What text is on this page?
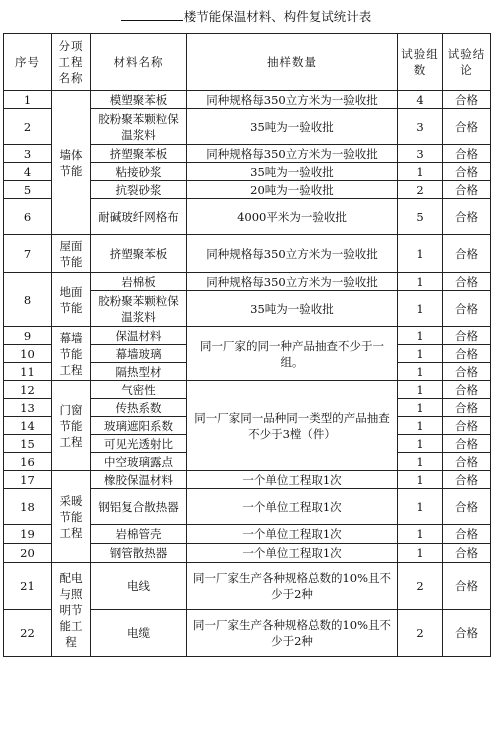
楼节能保温材料、构件复试统计表
序号	分项工程名称	材料名称	抽样数量	试验组数	试验结论
1	墙体节能	模塑聚苯板	同种规格每350立方米为一验收批	4	合格
2		胶粉聚苯颗粒保温浆料	35吨为一验收批	3	合格
3		挤塑聚苯板	同种规格每350立方米为一验收批	3	合格
4		粘接砂浆	35吨为一验收批	1	合格
5		抗裂砂浆	20吨为一验收批	2	合格
6		耐碱玻纤网格布	4000平米为一验收批	5	合格
7	屋面节能	挤塑聚苯板	同种规格每350立方米为一验收批	1	合格
8	地面节能	岩棉板	同种规格每350立方米为一验收批	1	合格
		胶粉聚苯颗粒保温浆料	35吨为一验收批	1	合格
9	幕墙节能工程	保温材料	同一厂家的同一种产品抽查不少于一组。	1	合格
10		幕墙玻璃		1	合格
11		隔热型材		1	合格
12	门窗节能工程	气密性	同一厂家同一品种同一类型的产品抽查不少于3樘（件）	1	合格
13		传热系数		1	合格
14		玻璃遮阳系数		1	合格
15		可见光透射比		1	合格
16		中空玻璃露点		1	合格
17	采暖节能工程	橡胶保温材料	一个单位工程取1次	1	合格
18		钢铝复合散热器	一个单位工程取1次	1	合格
19		岩棉管壳	一个单位工程取1次	1	合格
20		钢管散热器	一个单位工程取1次	1	合格
21	配电与照明节能工程	电线	同一厂家生产各种规格总数的10%且不少于2种	2	合格
22		电缆	同一厂家生产各种规格总数的10%且不少于2种	2	合格
